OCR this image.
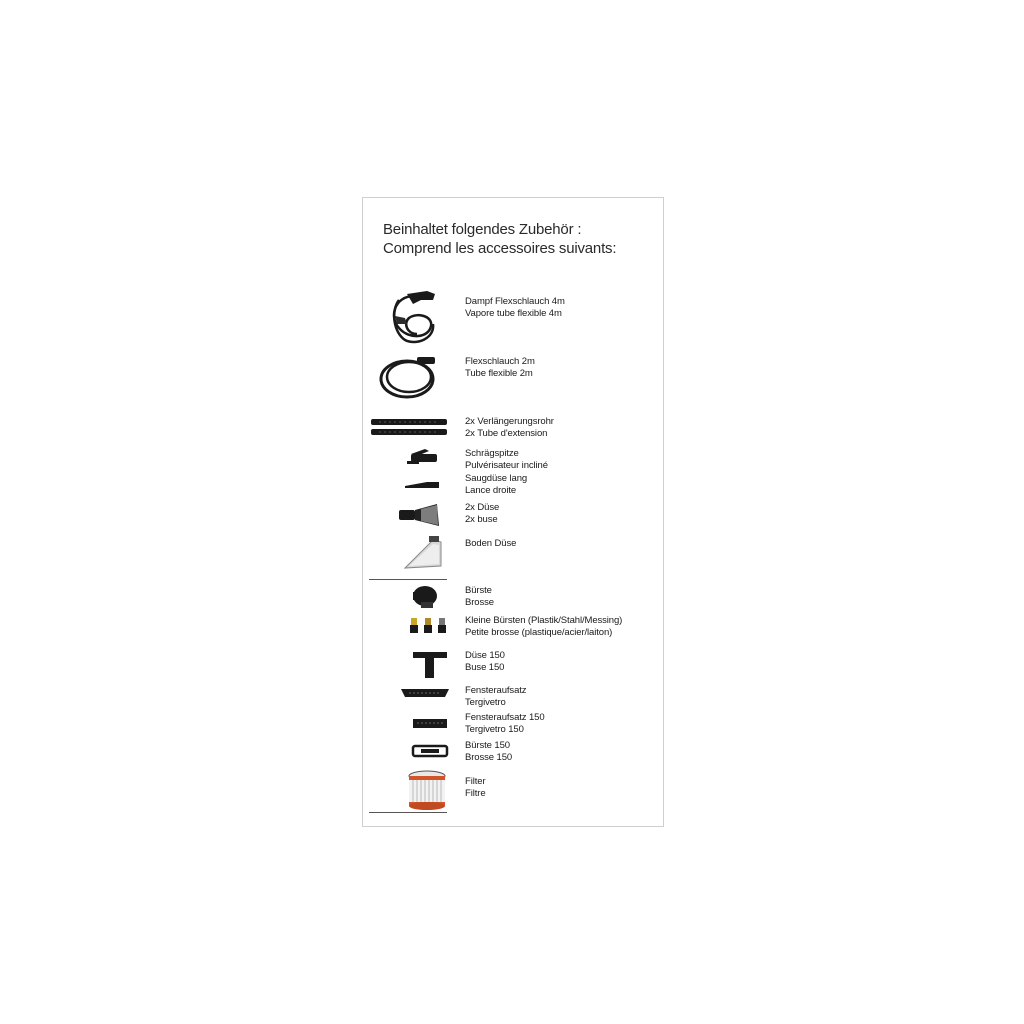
Beinhaltet folgendes Zubehör :
Comprend les accessoires suivants:
Dampf Flexschlauch 4m
Vapore tube flexible 4m
Flexschlauch 2m
Tube flexible 2m
2x Verlängerungsrohr
2x Tube d'extension
Schrägspitze
Pulvérisateur incliné
Saugdüse lang
Lance droite
2x Düse
2x buse
Boden Düse
Bürste
Brosse
Kleine Bürsten (Plastik/Stahl/Messing)
Petite brosse (plastique/acier/laiton)
Düse 150
Buse 150
Fensteraufsatz
Tergivetro
Fensteraufsatz 150
Tergivetro 150
Bürste 150
Brosse 150
Filter
Filtre
